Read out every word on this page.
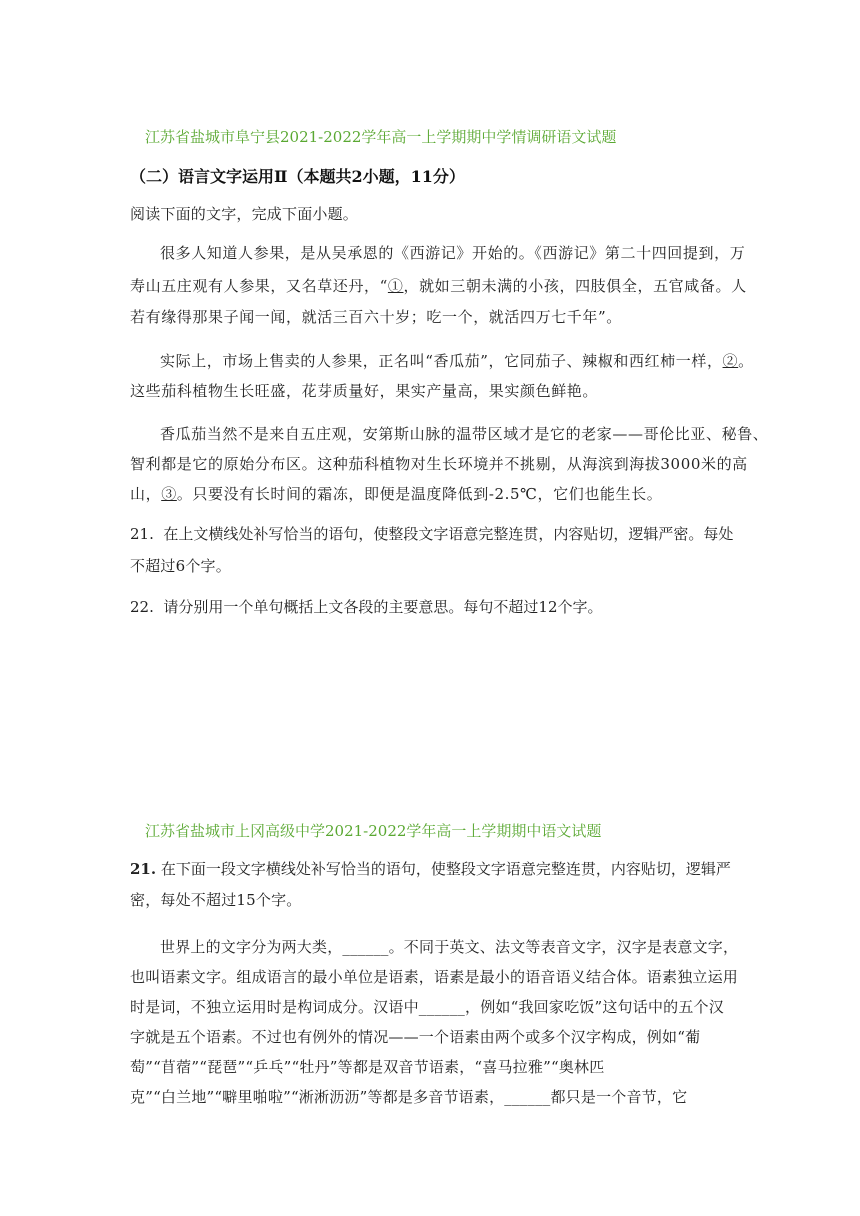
江苏省盐城市阜宁县2021-2022学年高一上学期期中学情调研语文试题

（二）语言文字运用Ⅱ（本题共2小题，11分）

阅读下面的文字，完成下面小题。

很多人知道人参果，是从吴承恩的《西游记》开始的。《西游记》第二十四回提到，万

寿山五庄观有人参果，又名草还丹，“①，就如三朝未满的小孩，四肢俱全，五官咸备。人

若有缘得那果子闻一闻，就活三百六十岁；吃一个，就活四万七千年”。

实际上，市场上售卖的人参果，正名叫“香瓜茄”，它同茄子、辣椒和西红柿一样，②。

这些茄科植物生长旺盛，花芽质量好，果实产量高，果实颜色鲜艳。

香瓜茄当然不是来自五庄观，安第斯山脉的温带区域才是它的老家——哥伦比亚、秘鲁、

智利都是它的原始分布区。这种茄科植物对生长环境并不挑剔，从海滨到海拔3000米的高

山，③。只要没有长时间的霜冻，即便是温度降低到-2.5℃，它们也能生长。

21. 在上文横线处补写恰当的语句，使整段文字语意完整连贯，内容贴切，逻辑严密。每处

不超过6个字。

22. 请分别用一个单句概括上文各段的主要意思。每句不超过12个字。

江苏省盐城市上冈高级中学2021-2022学年高一上学期期中语文试题

21. 在下面一段文字横线处补写恰当的语句，使整段文字语意完整连贯，内容贴切，逻辑严

密，每处不超过15个字。

世界上的文字分为两大类，______。不同于英文、法文等表音文字，汉字是表意文字，

也叫语素文字。组成语言的最小单位是语素，语素是最小的语音语义结合体。语素独立运用

时是词，不独立运用时是构词成分。汉语中______，例如“我回家吃饭”这句话中的五个汉

字就是五个语素。不过也有例外的情况——一个语素由两个或多个汉字构成，例如“葡

萄”“苜蓿”“琵琶”“乒乓”“牡丹”等都是双音节语素，“喜马拉雅”“奥林匹

克”“白兰地”“噼里啪啦”“淅淅沥沥”等都是多音节语素，______都只是一个音节，它
